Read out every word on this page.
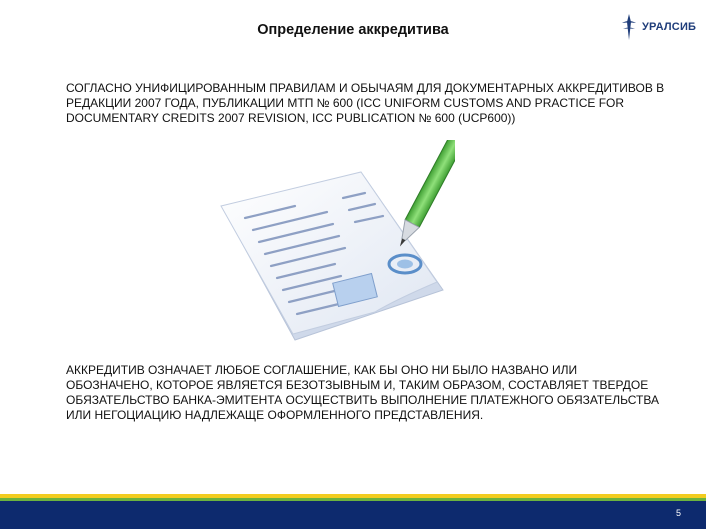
Определение аккредитива	УРАЛСИБ
СОГЛАСНО УНИФИЦИРОВАННЫМ ПРАВИЛАМ И ОБЫЧАЯМ ДЛЯ ДОКУМЕНТАРНЫХ АККРЕДИТИВОВ В РЕДАКЦИИ 2007 ГОДА, ПУБЛИКАЦИИ МТП № 600 (ICC UNIFORM CUSTOMS AND PRACTICE FOR DOCUMENTARY CREDITS 2007 REVISION, ICC PUBLICATION № 600 (UCP600))
АККРЕДИТИВ ОЗНАЧАЕТ ЛЮБОЕ СОГЛАШЕНИЕ, КАК БЫ ОНО НИ БЫЛО НАЗВАНО ИЛИ ОБОЗНАЧЕНО, КОТОРОЕ ЯВЛЯЕТСЯ БЕЗОТЗЫВНЫМ И, ТАКИМ ОБРАЗОМ, СОСТАВЛЯЕТ ТВЕРДОЕ ОБЯЗАТЕЛЬСТВО БАНКА-ЭМИТЕНТА ОСУЩЕСТВИТЬ ВЫПОЛНЕНИЕ ПЛАТЕЖНОГО ОБЯЗАТЕЛЬСТВА ИЛИ НЕГОЦИАЦИЮ НАДЛЕЖАЩЕ ОФОРМЛЕННОГО ПРЕДСТАВЛЕНИЯ.
5
